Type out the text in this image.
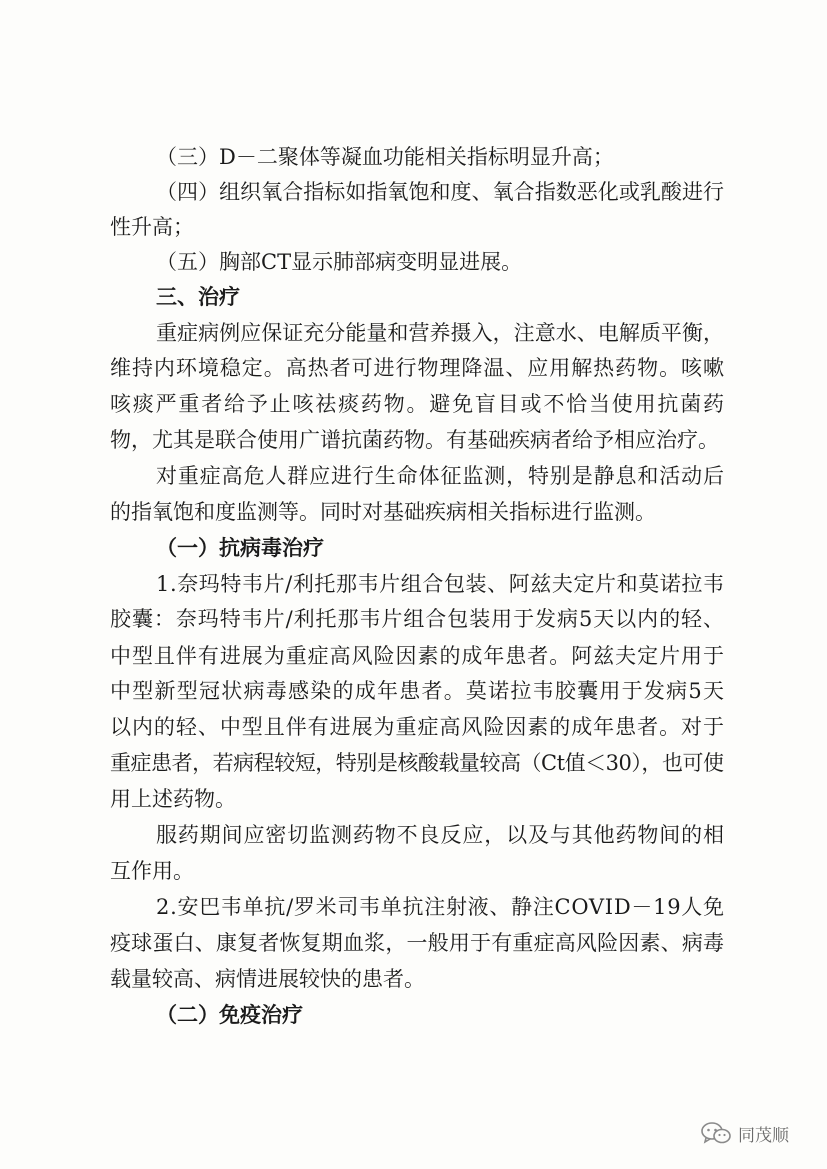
（三）D－二聚体等凝血功能相关指标明显升高；
（四）组织氧合指标如指氧饱和度、氧合指数恶化或乳酸进行
性升高；
（五）胸部CT显示肺部病变明显进展。
三、治疗
重症病例应保证充分能量和营养摄入，注意水、电解质平衡，
维持内环境稳定。高热者可进行物理降温、应用解热药物。咳嗽
咳痰严重者给予止咳祛痰药物。避免盲目或不恰当使用抗菌药
物，尤其是联合使用广谱抗菌药物。有基础疾病者给予相应治疗。
对重症高危人群应进行生命体征监测，特别是静息和活动后
的指氧饱和度监测等。同时对基础疾病相关指标进行监测。
（一）抗病毒治疗
1.奈玛特韦片/利托那韦片组合包装、阿兹夫定片和莫诺拉韦
胶囊：奈玛特韦片/利托那韦片组合包装用于发病5天以内的轻、
中型且伴有进展为重症高风险因素的成年患者。阿兹夫定片用于
中型新型冠状病毒感染的成年患者。莫诺拉韦胶囊用于发病5天
以内的轻、中型且伴有进展为重症高风险因素的成年患者。对于
重症患者，若病程较短，特别是核酸载量较高（Ct值＜30），也可使
用上述药物。
服药期间应密切监测药物不良反应，以及与其他药物间的相
互作用。
2.安巴韦单抗/罗米司韦单抗注射液、静注COVID－19人免
疫球蛋白、康复者恢复期血浆，一般用于有重症高风险因素、病毒
载量较高、病情进展较快的患者。
（二）免疫治疗
同茂顺
